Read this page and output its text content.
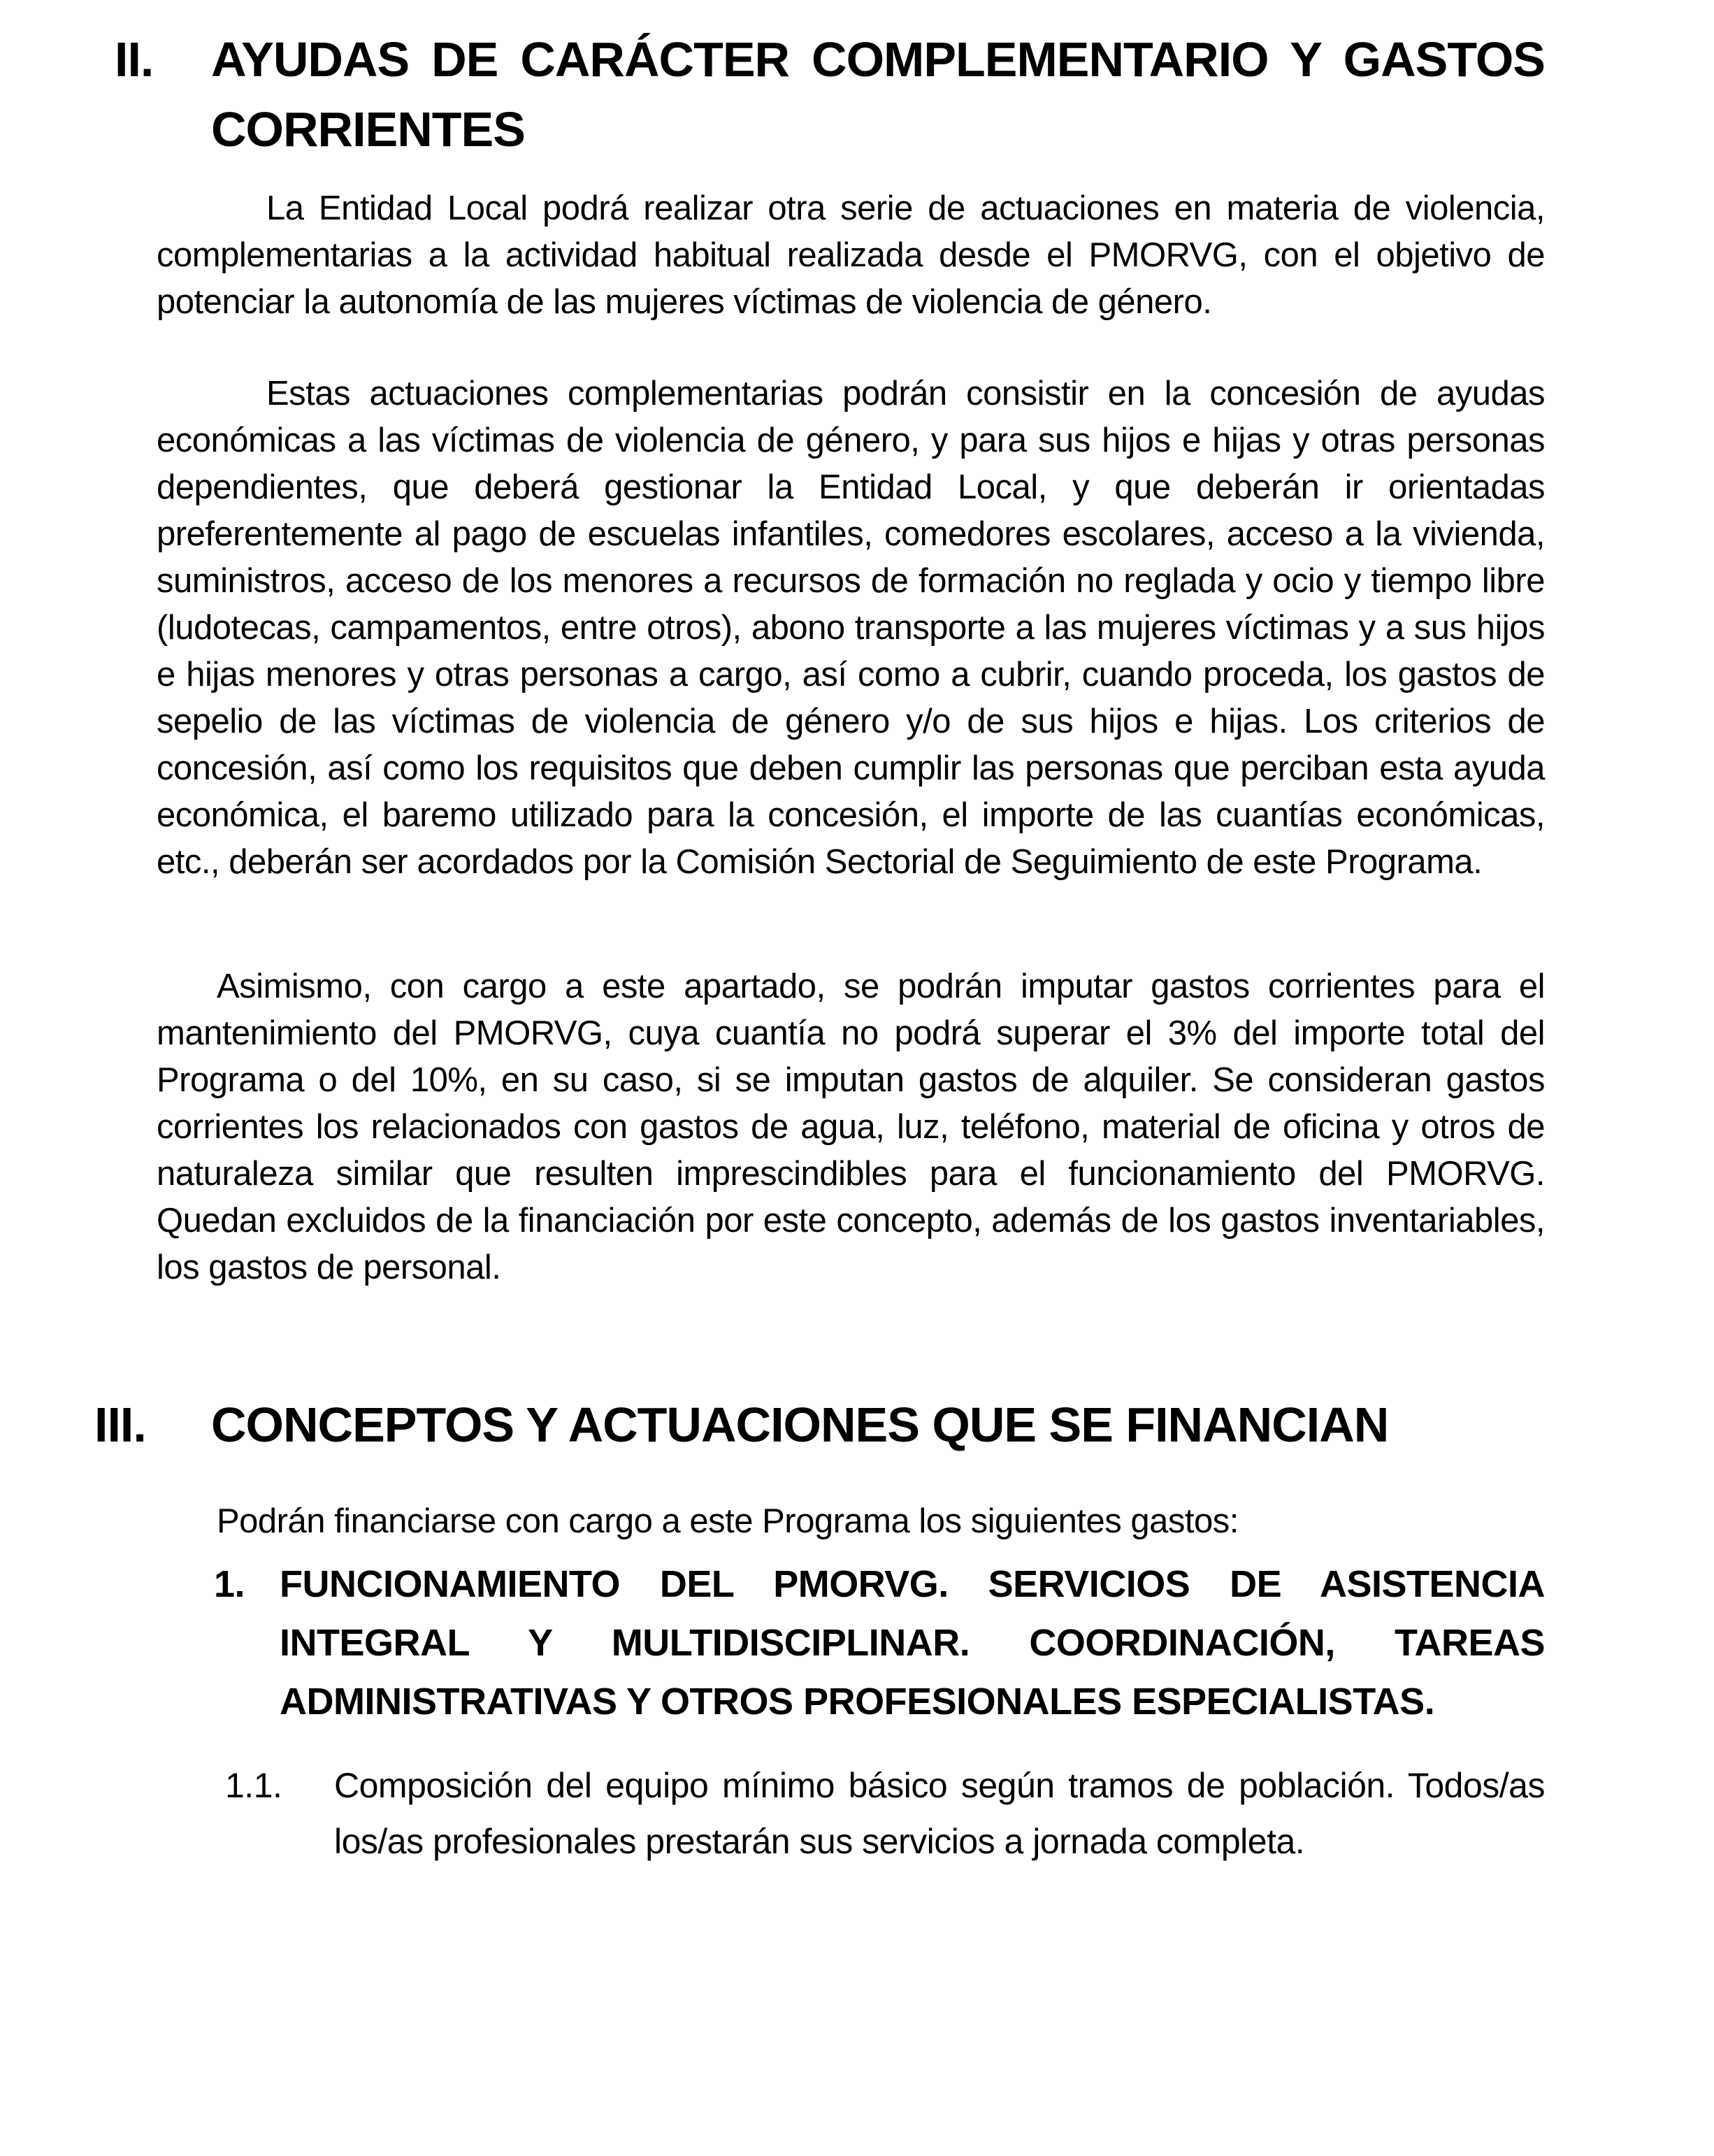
II. AYUDAS DE CARÁCTER COMPLEMENTARIO Y GASTOS CORRIENTES

La Entidad Local podrá realizar otra serie de actuaciones en materia de violencia, complementarias a la actividad habitual realizada desde el PMORVG, con el objetivo de potenciar la autonomía de las mujeres víctimas de violencia de género.

Estas actuaciones complementarias podrán consistir en la concesión de ayudas económicas a las víctimas de violencia de género, y para sus hijos e hijas y otras personas dependientes, que deberá gestionar la Entidad Local, y que deberán ir orientadas preferentemente al pago de escuelas infantiles, comedores escolares, acceso a la vivienda, suministros, acceso de los menores a recursos de formación no reglada y ocio y tiempo libre (ludotecas, campamentos, entre otros), abono transporte a las mujeres víctimas y a sus hijos e hijas menores y otras personas a cargo, así como a cubrir, cuando proceda, los gastos de sepelio de las víctimas de violencia de género y/o de sus hijos e hijas. Los criterios de concesión, así como los requisitos que deben cumplir las personas que perciban esta ayuda económica, el baremo utilizado para la concesión, el importe de las cuantías económicas, etc., deberán ser acordados por la Comisión Sectorial de Seguimiento de este Programa.

Asimismo, con cargo a este apartado, se podrán imputar gastos corrientes para el mantenimiento del PMORVG, cuya cuantía no podrá superar el 3% del importe total del Programa o del 10%, en su caso, si se imputan gastos de alquiler. Se consideran gastos corrientes los relacionados con gastos de agua, luz, teléfono, material de oficina y otros de naturaleza similar que resulten imprescindibles para el funcionamiento del PMORVG. Quedan excluidos de la financiación por este concepto, además de los gastos inventariables, los gastos de personal.

III. CONCEPTOS Y ACTUACIONES QUE SE FINANCIAN

Podrán financiarse con cargo a este Programa los siguientes gastos:

1. FUNCIONAMIENTO DEL PMORVG. SERVICIOS DE ASISTENCIA INTEGRAL Y MULTIDISCIPLINAR. COORDINACIÓN, TAREAS ADMINISTRATIVAS Y OTROS PROFESIONALES ESPECIALISTAS.
1.1. Composición del equipo mínimo básico según tramos de población. Todos/as los/as profesionales prestarán sus servicios a jornada completa.
